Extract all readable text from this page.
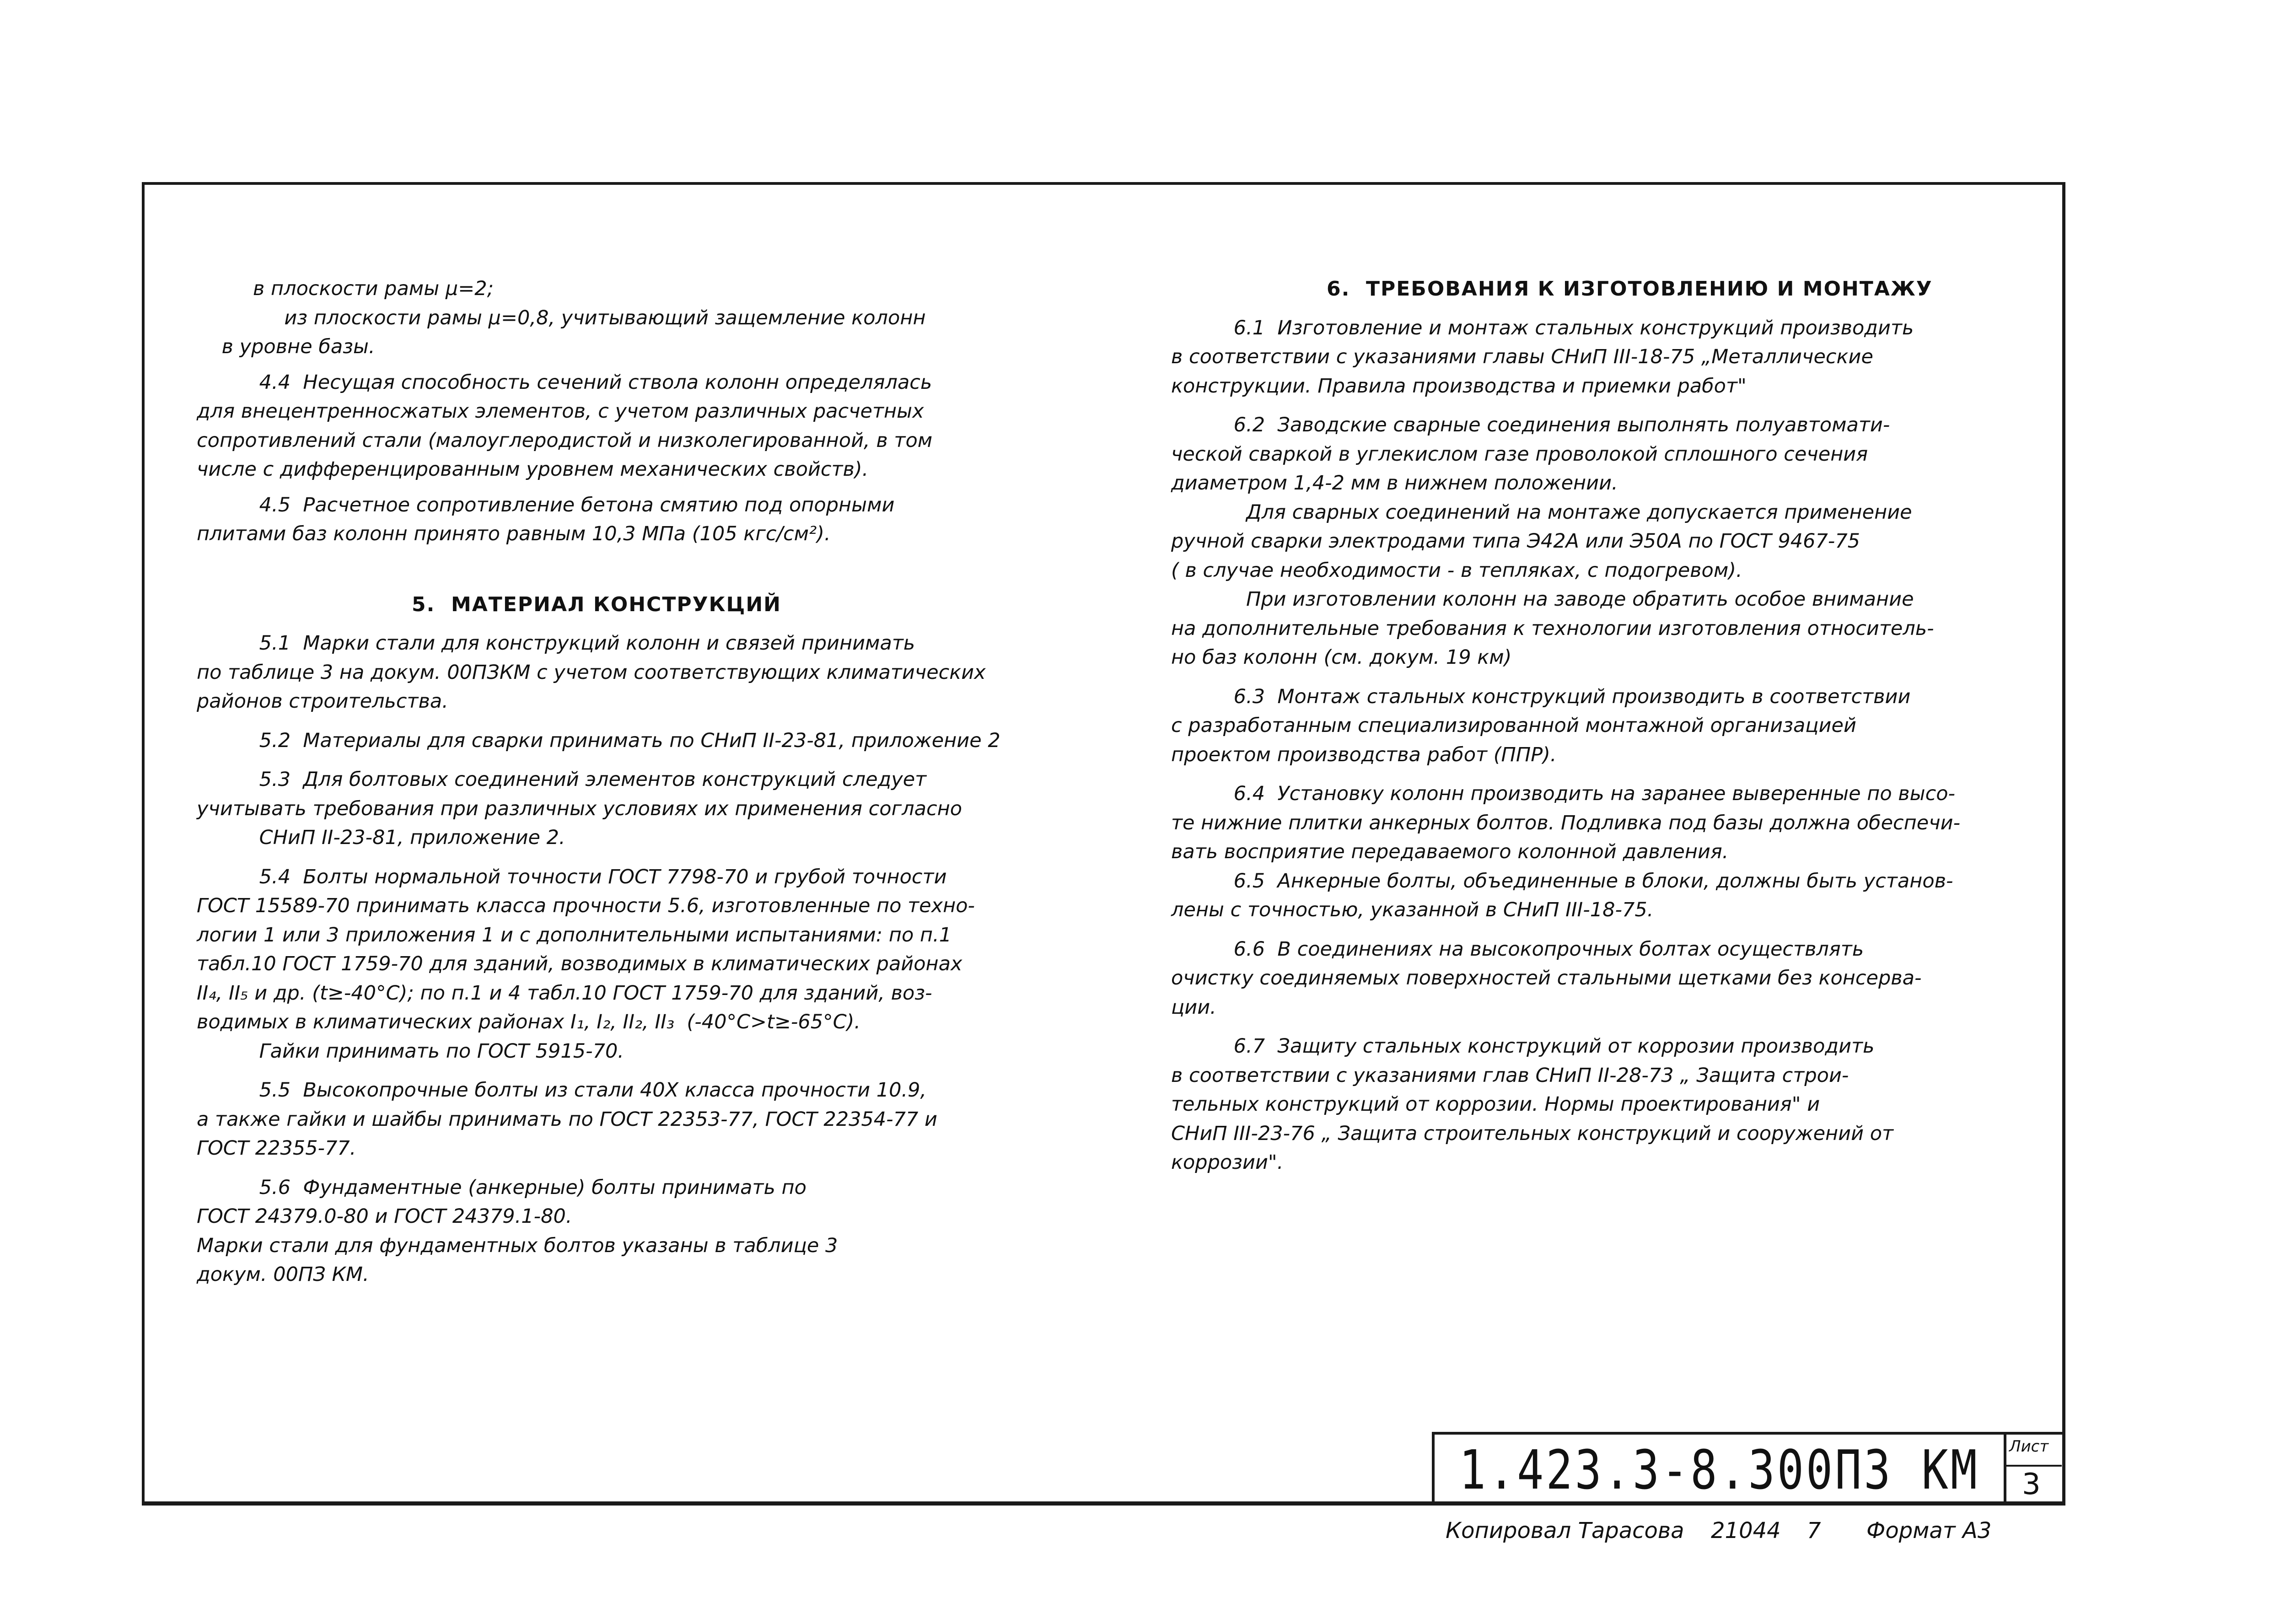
в плоскости рамы μ=2;
из плоскости рамы μ=0,8, учитывающий защемление колонн
в уровне базы.
4.4  Несущая способность сечений ствола колонн определялась
для внецентренносжатых элементов, с учетом различных расчетных
сопротивлений стали (малоуглеродистой и низколегированной, в том
числе с дифференцированным уровнем механических свойств).
4.5  Расчетное сопротивление бетона смятию под опорными
плитами баз колонн принято равным 10,3 МПа (105 кгс/см²).
5.  МАТЕРИАЛ КОНСТРУКЦИЙ
5.1  Марки стали для конструкций колонн и связей принимать
по таблице 3 на докум. 00ПЗКМ с учетом соответствующих климатических
районов строительства.
5.2  Материалы для сварки принимать по СНиП II-23-81, приложение 2
5.3  Для болтовых соединений элементов конструкций следует
учитывать требования при различных условиях их применения согласно
СНиП II-23-81, приложение 2.
5.4  Болты нормальной точности ГОСТ 7798-70 и грубой точности
ГОСТ 15589-70 принимать класса прочности 5.6, изготовленные по техно-
логии 1 или 3 приложения 1 и с дополнительными испытаниями: по п.1
табл.10 ГОСТ 1759-70 для зданий, возводимых в климатических районах
II₄, II₅ и др. (t≥-40°C); по п.1 и 4 табл.10 ГОСТ 1759-70 для зданий, воз-
водимых в климатических районах I₁, I₂, II₂, II₃  (-40°C>t≥-65°C).
Гайки принимать по ГОСТ 5915-70.
5.5  Высокопрочные болты из стали 40Х класса прочности 10.9,
а также гайки и шайбы принимать по ГОСТ 22353-77, ГОСТ 22354-77 и
ГОСТ 22355-77.
5.6  Фундаментные (анкерные) болты принимать по
ГОСТ 24379.0-80 и ГОСТ 24379.1-80.
Марки стали для фундаментных болтов указаны в таблице 3
докум. 00ПЗ КМ.
6.  ТРЕБОВАНИЯ К ИЗГОТОВЛЕНИЮ И МОНТАЖУ
6.1  Изготовление и монтаж стальных конструкций производить
в соответствии с указаниями главы СНиП III-18-75 „Металлические
конструкции. Правила производства и приемки работ"
6.2  Заводские сварные соединения выполнять полуавтомати-
ческой сваркой в углекислом газе проволокой сплошного сечения
диаметром 1,4-2 мм в нижнем положении.
Для сварных соединений на монтаже допускается применение
ручной сварки электродами типа Э42А или Э50А по ГОСТ 9467-75
( в случае необходимости - в тепляках, с подогревом).
При изготовлении колонн на заводе обратить особое внимание
на дополнительные требования к технологии изготовления относитель-
но баз колонн (см. докум. 19 км)
6.3  Монтаж стальных конструкций производить в соответствии
с разработанным специализированной монтажной организацией
проектом производства работ (ППР).
6.4  Установку колонн производить на заранее выверенные по высо-
те нижние плитки анкерных болтов. Подливка под базы должна обеспечи-
вать восприятие передаваемого колонной давления.
6.5  Анкерные болты, объединенные в блоки, должны быть установ-
лены с точностью, указанной в СНиП III-18-75.
6.6  В соединениях на высокопрочных болтах осуществлять
очистку соединяемых поверхностей стальными щетками без консерва-
ции.
6.7  Защиту стальных конструкций от коррозии производить
в соответствии с указаниями глав СНиП II-28-73 „ Защита строи-
тельных конструкций от коррозии. Нормы проектирования" и
СНиП III-23-76 „ Защита строительных конструкций и сооружений от
коррозии".
1.423.3-8.300ПЗ КМ Лист
3
Копировал Тарасова 21044 7 Формат А3
